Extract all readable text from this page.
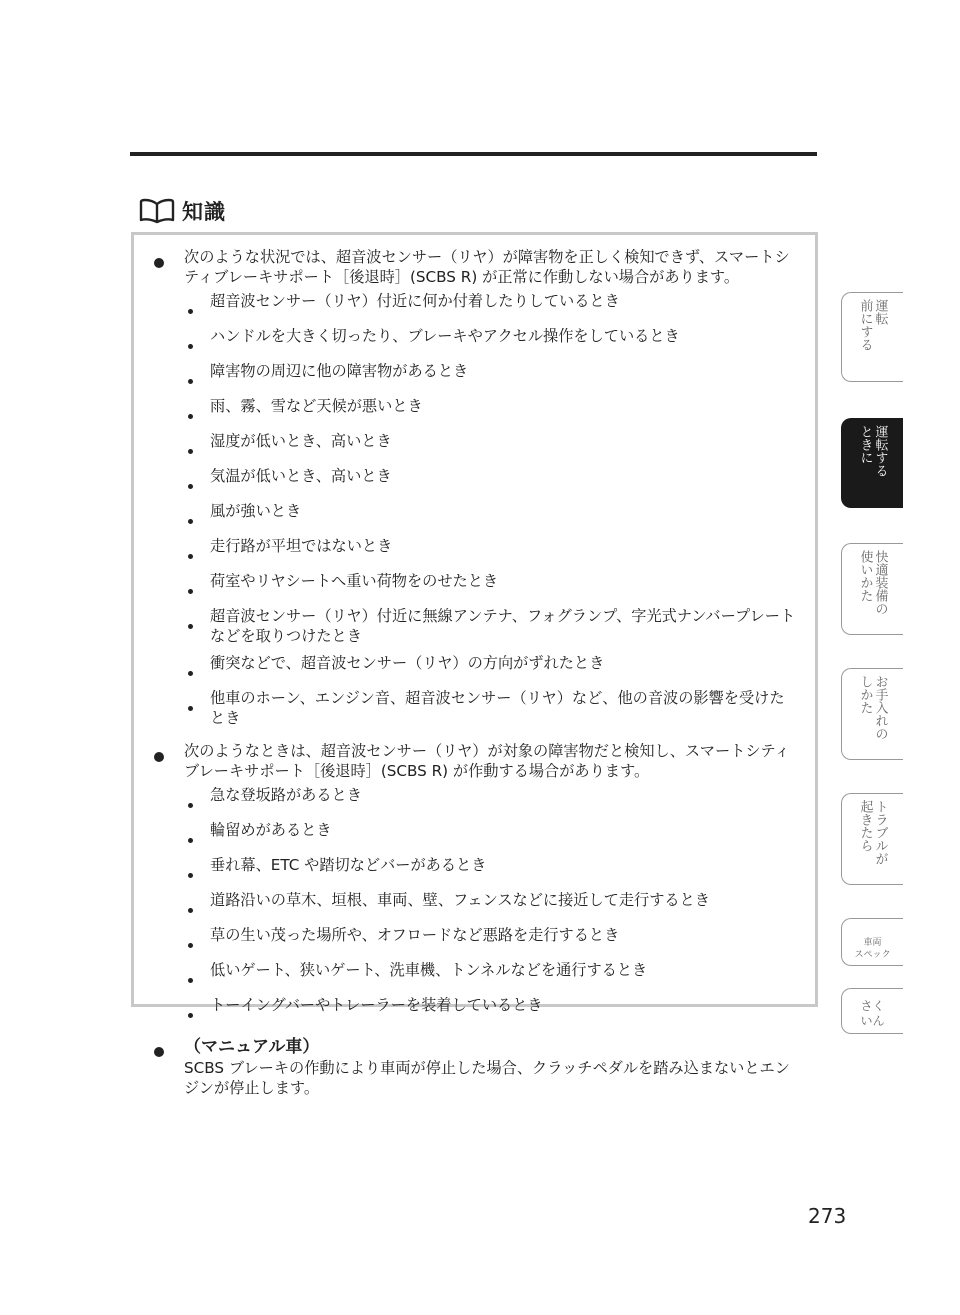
知識
次のような状況では、超音波センサー（リヤ）が障害物を正しく検知できず、スマートシティブレーキサポート［後退時］(SCBS R) が正常に作動しない場合があります。
超音波センサー（リヤ）付近に何か付着したりしているとき
ハンドルを大きく切ったり、ブレーキやアクセル操作をしているとき
障害物の周辺に他の障害物があるとき
雨、霧、雪など天候が悪いとき
湿度が低いとき、高いとき
気温が低いとき、高いとき
風が強いとき
走行路が平坦ではないとき
荷室やリヤシートへ重い荷物をのせたとき
超音波センサー（リヤ）付近に無線アンテナ、フォグランプ、字光式ナンバープレートなどを取りつけたとき
衝突などで、超音波センサー（リヤ）の方向がずれたとき
他車のホーン、エンジン音、超音波センサー（リヤ）など、他の音波の影響を受けたとき
次のようなときは、超音波センサー（リヤ）が対象の障害物だと検知し、スマートシティブレーキサポート［後退時］(SCBS R) が作動する場合があります。
急な登坂路があるとき
輪留めがあるとき
垂れ幕、ETC や踏切などバーがあるとき
道路沿いの草木、垣根、車両、壁、フェンスなどに接近して走行するとき
草の生い茂った場所や、オフロードなど悪路を走行するとき
低いゲート、狭いゲート、洗車機、トンネルなどを通行するとき
トーイングバーやトレーラーを装着しているとき
（マニュアル車）
SCBS ブレーキの作動により車両が停止した場合、クラッチペダルを踏み込まないとエンジンが停止します。
運転
前にする
運転する
ときに
快適装備の
使いかた
お手入れの
しかた
トラブルが
起きたら
車両
スペック
さく
いん
273
